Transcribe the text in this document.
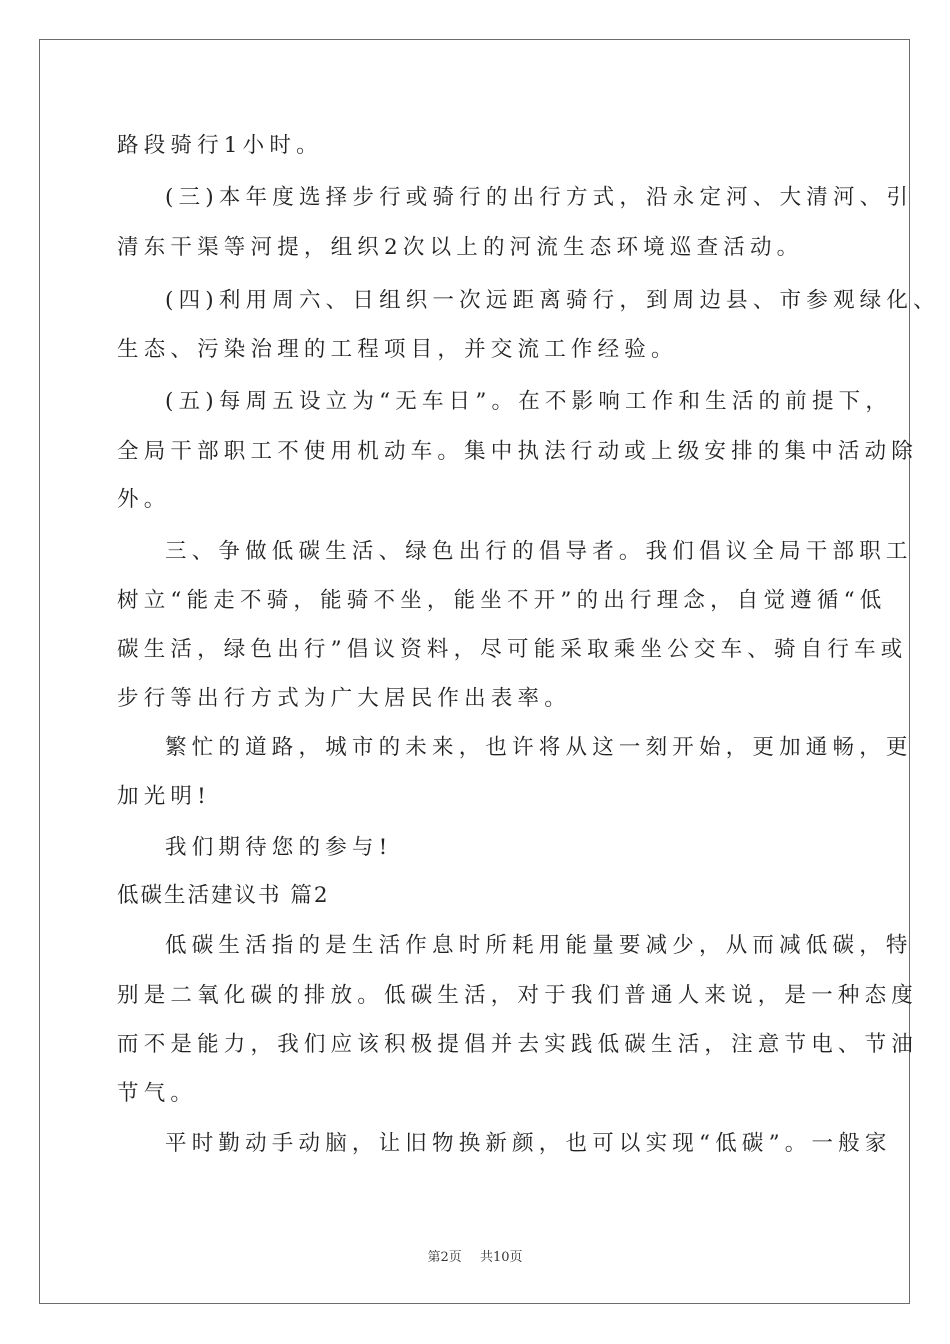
路段骑行1小时。
(三)本年度选择步行或骑行的出行方式，沿永定河、大清河、引
清东干渠等河提，组织2次以上的河流生态环境巡查活动。
(四)利用周六、日组织一次远距离骑行，到周边县、市参观绿化、
生态、污染治理的工程项目，并交流工作经验。
(五)每周五设立为“无车日”。在不影响工作和生活的前提下，
全局干部职工不使用机动车。集中执法行动或上级安排的集中活动除
外。
三、争做低碳生活、绿色出行的倡导者。我们倡议全局干部职工
树立“能走不骑，能骑不坐，能坐不开”的出行理念，自觉遵循“低
碳生活，绿色出行”倡议资料，尽可能采取乘坐公交车、骑自行车或
步行等出行方式为广大居民作出表率。
繁忙的道路，城市的未来，也许将从这一刻开始，更加通畅，更
加光明!
我们期待您的参与!
低碳生活建议书 篇2
低碳生活指的是生活作息时所耗用能量要减少，从而减低碳，特
别是二氧化碳的排放。低碳生活，对于我们普通人来说，是一种态度
而不是能力，我们应该积极提倡并去实践低碳生活，注意节电、节油
节气。
平时勤动手动脑，让旧物换新颜，也可以实现“低碳”。一般家
第2页 共10页
